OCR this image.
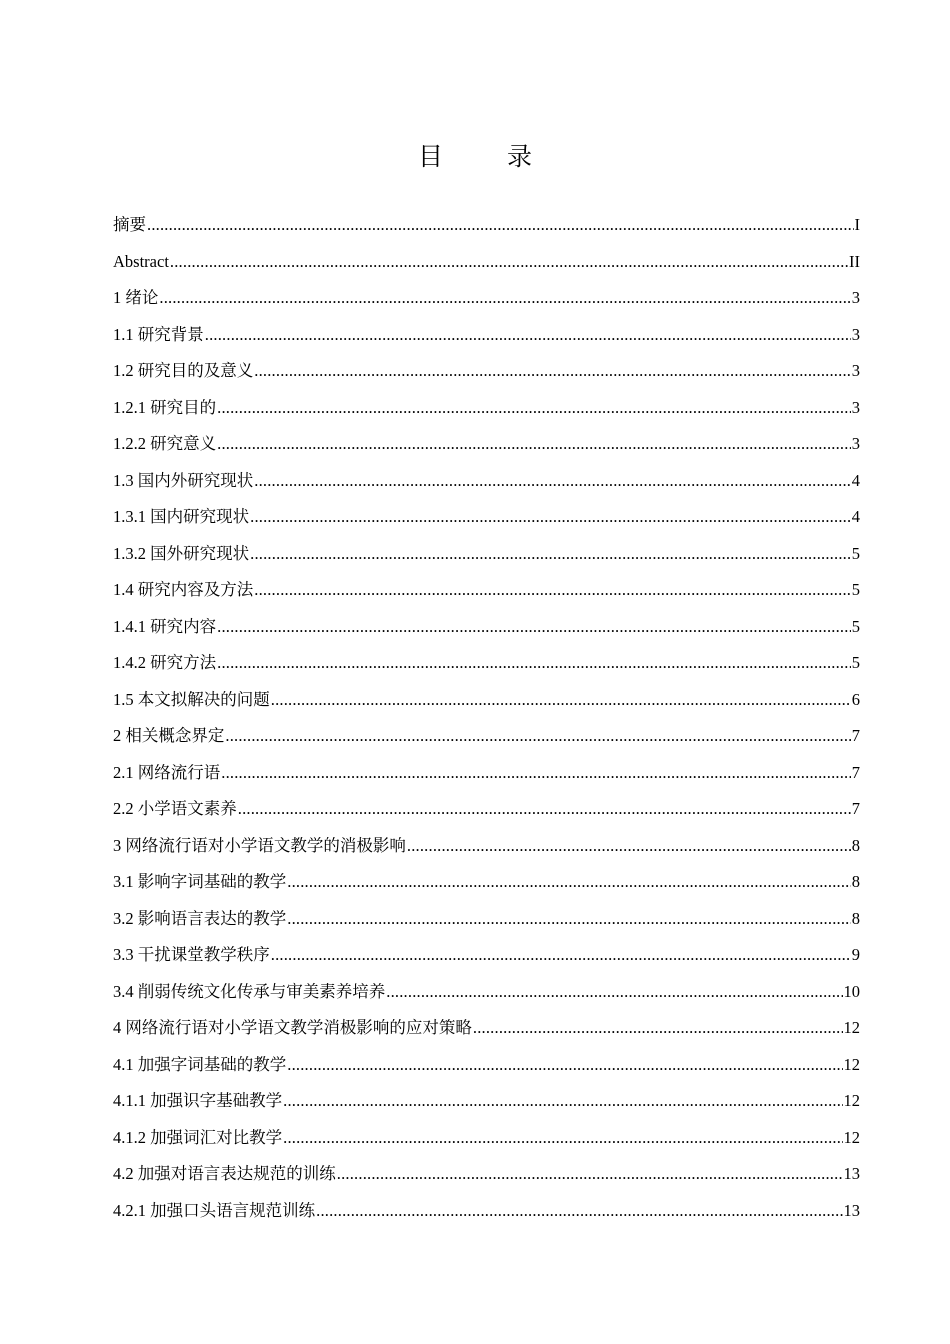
目 录
摘要 .....	I
Abstract .....	II
1 绪论 .....	3
1.1 研究背景 .....	3
1.2 研究目的及意义 .....	3
1.2.1 研究目的 .....	3
1.2.2 研究意义 .....	3
1.3 国内外研究现状 .....	4
1.3.1 国内研究现状 .....	4
1.3.2 国外研究现状 .....	5
1.4 研究内容及方法 .....	5
1.4.1 研究内容 .....	5
1.4.2 研究方法 .....	5
1.5 本文拟解决的问题 .....	6
2 相关概念界定 .....	7
2.1 网络流行语 .....	7
2.2 小学语文素养 .....	7
3 网络流行语对小学语文教学的消极影响 .....	8
3.1 影响字词基础的教学 .....	8
3.2 影响语言表达的教学 .....	8
3.3 干扰课堂教学秩序 .....	9
3.4 削弱传统文化传承与审美素养培养 .....	10
4 网络流行语对小学语文教学消极影响的应对策略 .....	12
4.1 加强字词基础的教学 .....	12
4.1.1 加强识字基础教学 .....	12
4.1.2 加强词汇对比教学 .....	12
4.2 加强对语言表达规范的训练 .....	13
4.2.1 加强口头语言规范训练 .....	13
